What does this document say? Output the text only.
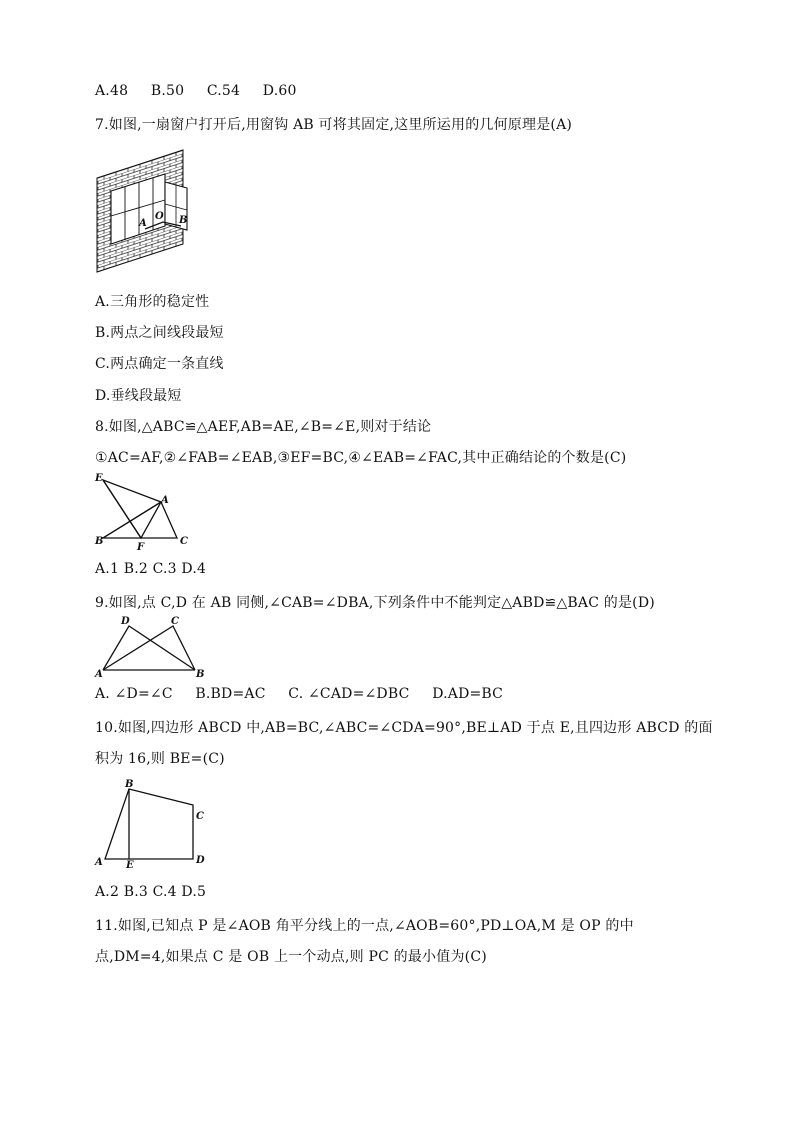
A.48 B.50 C.54 D.60
7.如图,一扇窗户打开后,用窗钩 AB 可将其固定,这里所运用的几何原理是(A)
A
O B
A.三角形的稳定性
B.两点之间线段最短
C.两点确定一条直线
D.垂线段最短
8.如图,△ABC≌△AEF,AB=AE,∠B=∠E,则对于结论
①AC=AF,②∠FAB=∠EAB,③EF=BC,④∠EAB=∠FAC,其中正确结论的个数是(C)
E
A
B
F
C
A.1 B.2 C.3 D.4
9.如图,点 C,D 在 AB 同侧,∠CAB=∠DBA,下列条件中不能判定△ABD≌△BAC 的是(D)
D	C
A	B
A. ∠D=∠C B.BD=AC C. ∠CAD=∠DBC D.AD=BC
10.如图,四边形 ABCD 中,AB=BC,∠ABC=∠CDA=90°,BE⊥AD 于点 E,且四边形 ABCD 的面
积为 16,则 BE=(C)
B
C
A E	D
A.2 B.3 C.4 D.5
11.如图,已知点 P 是∠AOB 角平分线上的一点,∠AOB=60°,PD⊥OA,M 是 OP 的中
点,DM=4,如果点 C 是 OB 上一个动点,则 PC 的最小值为(C)
